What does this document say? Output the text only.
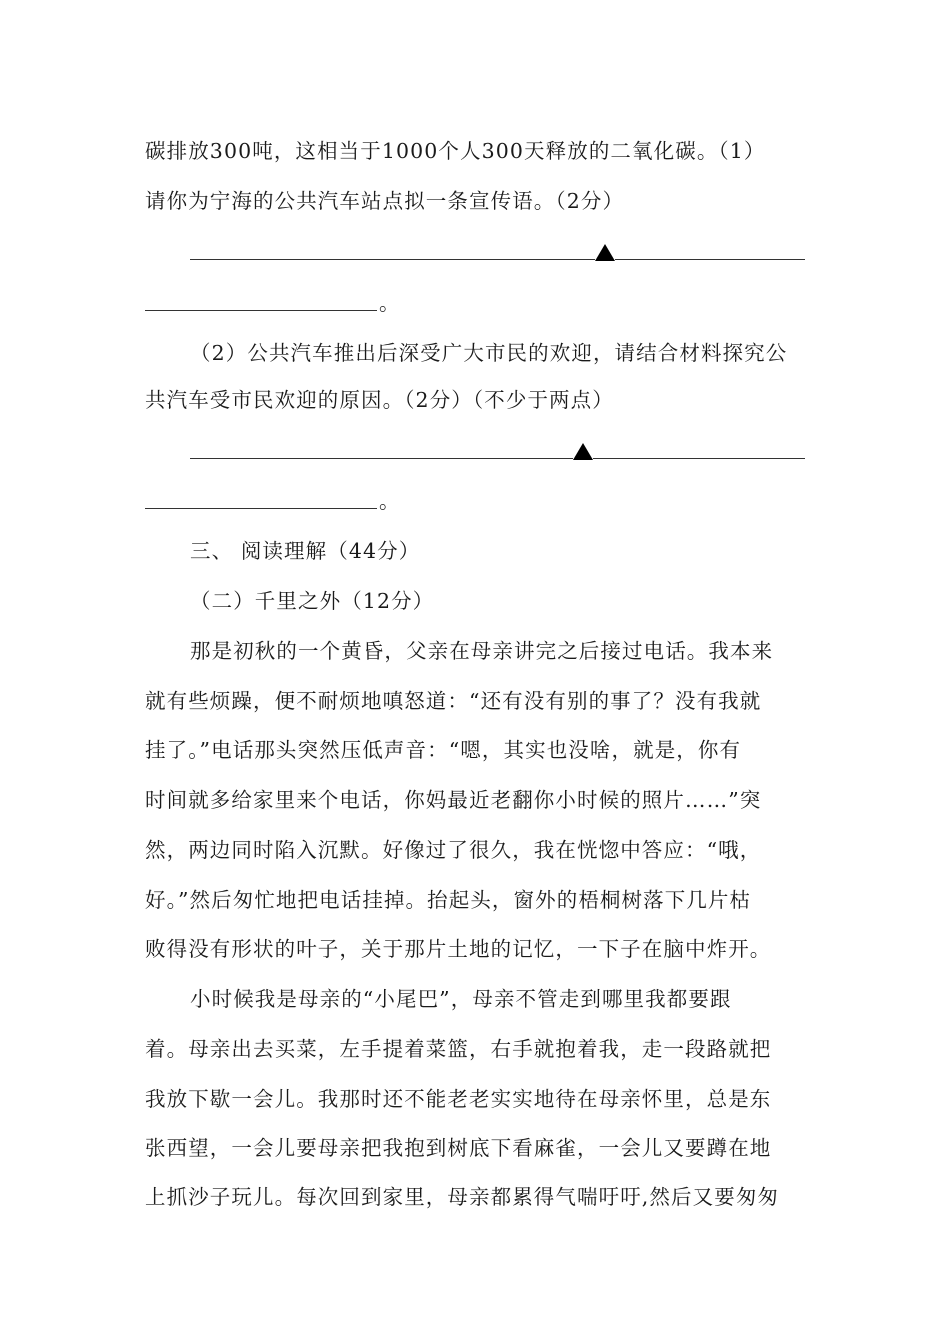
碳排放300吨，这相当于1000个人300天释放的二氧化碳。（1）
请你为宁海的公共汽车站点拟一条宣传语。（2分）
。
（2）公共汽车推出后深受广大市民的欢迎，请结合材料探究公
共汽车受市民欢迎的原因。（2分）（不少于两点）
。
三、 阅读理解（44分）
（二）千里之外（12分）
那是初秋的一个黄昏，父亲在母亲讲完之后接过电话。我本来
就有些烦躁，便不耐烦地嗔怒道：“还有没有别的事了？没有我就
挂了。”电话那头突然压低声音：“嗯，其实也没啥，就是，你有
时间就多给家里来个电话，你妈最近老翻你小时候的照片……”突
然，两边同时陷入沉默。好像过了很久，我在恍惚中答应：“哦，
好。”然后匆忙地把电话挂掉。抬起头，窗外的梧桐树落下几片枯
败得没有形状的叶子，关于那片土地的记忆，一下子在脑中炸开。
小时候我是母亲的“小尾巴”，母亲不管走到哪里我都要跟
着。母亲出去买菜，左手提着菜篮，右手就抱着我，走一段路就把
我放下歇一会儿。我那时还不能老老实实地待在母亲怀里，总是东
张西望，一会儿要母亲把我抱到树底下看麻雀，一会儿又要蹲在地
上抓沙子玩儿。每次回到家里，母亲都累得气喘吁吁,然后又要匆匆
